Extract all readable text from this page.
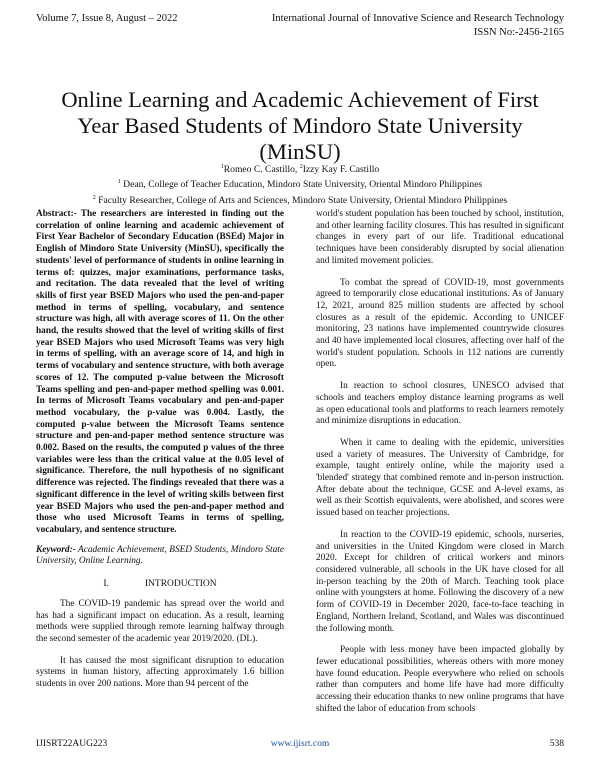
Volume 7, Issue 8, August – 2022	International Journal of Innovative Science and Research Technology
ISSN No:-2456-2165
Online Learning and Academic Achievement of First Year Based Students of Mindoro State University (MinSU)
$^1$Romeo C. Castillo, $^2$Izzy Kay F. Castillo
$^1$ Dean, College of Teacher Education, Mindoro State University, Oriental Mindoro Philippines
$^2$ Faculty Researcher, College of Arts and Sciences, Mindoro State University, Oriental Mindoro Philippines

Abstract:- The researchers are interested in finding out the correlation of online learning and academic achievement of First Year Bachelor of Secondary Education (BSEd) Major in English of Mindoro State University (MinSU), specifically the students' level of performance of students in online learning in terms of: quizzes, major examinations, performance tasks, and recitation. The data revealed that the level of writing skills of first year BSED Majors who used the pen-and-paper method in terms of spelling, vocabulary, and sentence structure was high, all with average scores of 11. On the other hand, the results showed that the level of writing skills of first year BSED Majors who used Microsoft Teams was very high in terms of spelling, with an average score of 14, and high in terms of vocabulary and sentence structure, with both average scores of 12. The computed p-value between the Microsoft Teams spelling and pen-and-paper method spelling was 0.001. In terms of Microsoft Teams vocabulary and pen-and-paper method vocabulary, the p-value was 0.004. Lastly, the computed p-value between the Microsoft Teams sentence structure and pen-and-paper method sentence structure was 0.002. Based on the results, the computed p values of the three variables were less than the critical value at the 0.05 level of significance. Therefore, the null hypothesis of no significant difference was rejected. The findings revealed that there was a significant difference in the level of writing skills between first year BSED Majors who used the pen-and-paper method and those who used Microsoft Teams in terms of spelling, vocabulary, and sentence structure.

Keyword:- Academic Achievement, BSED Students, Mindoro State University, Online Learning.

I.	INTRODUCTION

The COVID-19 pandemic has spread over the world and has had a significant impact on education. As a result, learning methods were supplied through remote learning halfway through the second semester of the academic year 2019/2020. (DL).

It has caused the most significant disruption to education systems in human history, affecting approximately 1.6 billion students in over 200 nations. More than 94 percent of the

world's student population has been touched by school, institution, and other learning facility closures. This has resulted in significant changes in every part of our life. Traditional educational techniques have been considerably disrupted by social alienation and limited movement policies.

To combat the spread of COVID-19, most governments agreed to temporarily close educational institutions. As of January 12, 2021, around 825 million students are affected by school closures as a result of the epidemic. According to UNICEF monitoring, 23 nations have implemented countrywide closures and 40 have implemented local closures, affecting over half of the world's student population. Schools in 112 nations are currently open.

In reaction to school closures, UNESCO advised that schools and teachers employ distance learning programs as well as open educational tools and platforms to reach learners remotely and minimize disruptions in education.

When it came to dealing with the epidemic, universities used a variety of measures. The University of Cambridge, for example, taught entirely online, while the majority used a 'blended' strategy that combined remote and in-person instruction. After debate about the technique, GCSE and A-level exams, as well as their Scottish equivalents, were abolished, and scores were issued based on teacher projections.

In reaction to the COVID-19 epidemic, schools, nurseries, and universities in the United Kingdom were closed in March 2020. Except for children of critical workers and minors considered vulnerable, all schools in the UK have closed for all in-person teaching by the 20th of March. Teaching took place online with youngsters at home. Following the discovery of a new form of COVID-19 in December 2020, face-to-face teaching in England, Northern Ireland, Scotland, and Wales was discontinued the following month.

People with less money have been impacted globally by fewer educational possibilities, whereas others with more money have found education. People everywhere who relied on schools rather than computers and home life have had more difficulty accessing their education thanks to new online programs that have shifted the labor of education from schools

IJISRT22AUG223	www.ijisrt.com	538
